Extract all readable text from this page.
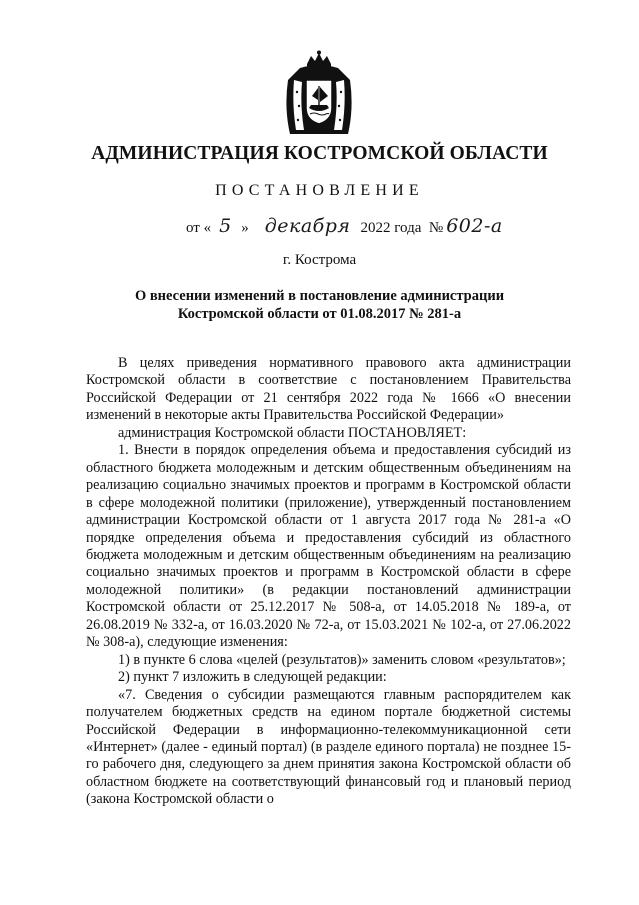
АДМИНИСТРАЦИЯ КОСТРОМСКОЙ ОБЛАСТИ
ПОСТАНОВЛЕНИЕ
от « 5 » декабря 2022 года № 602-а
г. Кострома
О внесении изменений в постановление администрации
Костромской области от 01.08.2017 № 281-а

В целях приведения нормативного правового акта администрации Костромской области в соответствие с постановлением Правительства Российской Федерации от 21 сентября 2022 года № 1666 «О внесении изменений в некоторые акты Правительства Российской Федерации»

администрация Костромской области ПОСТАНОВЛЯЕТ:

1. Внести в порядок определения объема и предоставления субсидий из областного бюджета молодежным и детским общественным объединениям на реализацию социально значимых проектов и программ в Костромской области в сфере молодежной политики (приложение), утвержденный постановлением администрации Костромской области от 1 августа 2017 года № 281-а «О порядке определения объема и предоставления субсидий из областного бюджета молодежным и детским общественным объединениям на реализацию социально значимых проектов и программ в Костромской области в сфере молодежной политики» (в редакции постановлений администрации Костромской области от 25.12.2017 № 508-а, от 14.05.2018 № 189-а, от 26.08.2019 № 332-а, от 16.03.2020 № 72-а, от 15.03.2021 № 102-а, от 27.06.2022 № 308-а), следующие изменения:

1) в пункте 6 слова «целей (результатов)» заменить словом «результатов»;

2) пункт 7 изложить в следующей редакции:

«7. Сведения о субсидии размещаются главным распорядителем как получателем бюджетных средств на едином портале бюджетной системы Российской Федерации в информационно-телекоммуникационной сети «Интернет» (далее - единый портал) (в разделе единого портала) не позднее 15-го рабочего дня, следующего за днем принятия закона Костромской области об областном бюджете на соответствующий финансовый год и плановый период (закона Костромской области о
